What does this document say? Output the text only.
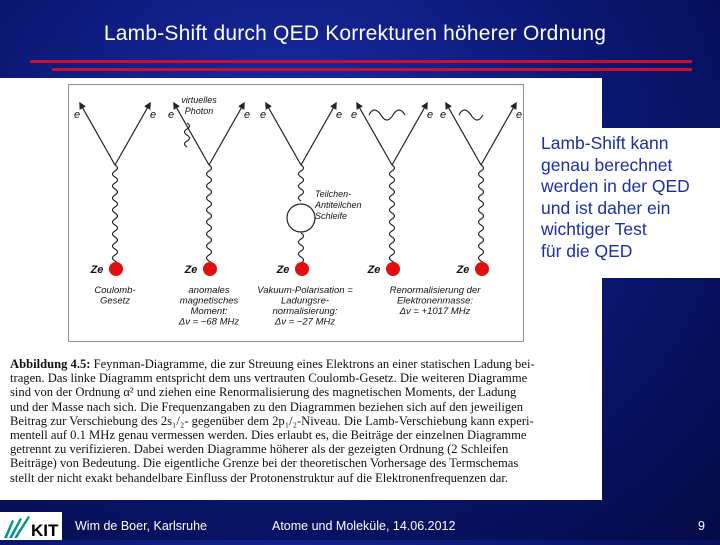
Lamb-Shift durch QED Korrekturen höherer Ordnung
e	e
Ze
e	e
Ze
e	e
Ze
e	e
Ze
e	e
Ze
virtuelles
Photon
Teilchen-
Antiteilchen
Schleife
Coulomb-
Gesetz
anomales
magnetisches
Moment:
Δν = −68 MHz
Vakuum-Polarisation =
Ladungsre-
normalisierung:
Δν = −27 MHz
Renormalisierung der
Elektronenmasse:
Δν = +1017 MHz
Lamb-Shift kann
genau berechnet
werden in der QED
und ist daher ein
wichtiger Test
für die QED
Abbildung 4.5: Feynman-Diagramme, die zur Streuung eines Elektrons an einer statischen Ladung bei-
tragen. Das linke Diagramm entspricht dem uns vertrauten Coulomb-Gesetz. Die weiteren Diagramme
sind von der Ordnung α² und ziehen eine Renormalisierung des magnetischen Moments, der Ladung
und der Masse nach sich. Die Frequenzangaben zu den Diagrammen beziehen sich auf den jeweiligen
Beitrag zur Verschiebung des 2s₁/₂- gegenüber dem 2p₁/₂-Niveau. Die Lamb-Verschiebung kann experi-
mentell auf 0.1 MHz genau vermessen werden. Dies erlaubt es, die Beiträge der einzelnen Diagramme
getrennt zu verifizieren. Dabei werden Diagramme höherer als der gezeigten Ordnung (2 Schleifen
Beiträge) von Bedeutung. Die eigentliche Grenze bei der theoretischen Vorhersage des Termschemas
stellt der nicht exakt behandelbare Einfluss der Protonenstruktur auf die Elektronenfrequenzen dar.
KIT Wim de Boer, Karlsruhe	Atome und Moleküle, 14.06.2012	9
